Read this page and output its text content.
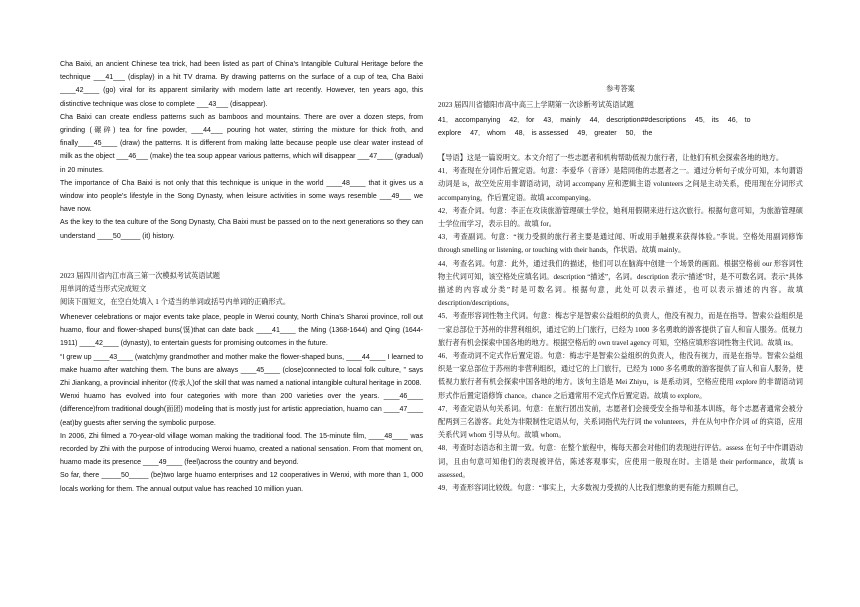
Cha Baixi, an ancient Chinese tea trick, had been listed as part of China’s Intangible Cultural Heritage before the technique ___41___ (display) in a hit TV drama. By drawing patterns on the surface of a cup of tea, Cha Baixi ____42____ (go) viral for its apparent similarity with modern latte art recently. However, ten years ago, this distinctive technique was close to complete ___43___ (disappear).

Cha Baixi can create endless patterns such as bamboos and mountains. There are over a dozen steps, from grinding (碾碎) tea for fine powder, ___44___ pouring hot water, stirring the mixture for thick froth, and finally____45____ (draw) the patterns. It is different from making latte because people use clear water instead of milk as the object ___46___ (make) the tea soup appear various patterns, which will disappear ___47____ (gradual) in 20 minutes.

The importance of Cha Baixi is not only that this technique is unique in the world ____48____ that it gives us a window into people’s lifestyle in the Song Dynasty, when leisure activities in some ways resemble ___49___ we have now.

As the key to the tea culture of the Song Dynasty, Cha Baixi must be passed on to the next generations so they can understand ____50_____ (it) history.

2023 届四川省内江市高三第一次模拟考试英语试题

用单词的适当形式完成短文

阅读下面短文，在空白处填入 1 个适当的单词或括号内单词的正确形式。

Whenever celebrations or major events take place, people in Wenxi county, North China’s Shanxi province, roll out huamo, flour and flower-shaped buns(馍)that can date back ____41____ the Ming (1368-1644) and Qing (1644-1911) ____42____ (dynasty), to entertain guests for promising outcomes in the future.

“I grew up ____43____ (watch)my grandmother and mother make the flower-shaped buns, ____44____ I learned to make huamo after watching them. The buns are always ____45____ (close)connected to local folk culture, ” says Zhi Jiankang, a provincial inheritor (传承人)of the skill that was named a national intangible cultural heritage in 2008.

Wenxi huamo has evolved into four categories with more than 200 varieties over the years. ____46____ (difference)from traditional dough(面团) modeling that is mostly just for artistic appreciation, huamo can ____47____ (eat)by guests after serving the symbolic purpose.

In 2006, Zhi filmed a 70-year-old village woman making the traditional food. The 15-minute film, ____48____ was recorded by Zhi with the purpose of introducing Wenxi huamo, created a national sensation. From that moment on, huamo made its presence ____49____ (feel)across the country and beyond.

So far, there _____50_____ (be)two large huamo enterprises and 12 cooperatives in Wenxi, with more than 1, 000 locals working for them. The annual output value has reached 10 million yuan.

参考答案

2023 届四川省德阳市高中高三上学期第一次诊断考试英语试题

41． accompanying　 42． for　 43． mainly　 44． description##descriptions　 45． its　 46． to

explore　 47． whom　 48． is assessed　 49． greater　 50． the

【导语】这是一篇说明文。本文介绍了一些志愿者和机构帮助低视力旅行者，让他们有机会探索各地的地方。

41．考查现在分词作后置定语。句意：李爱华（音译）是陪同他的志愿者之一。通过分析句子成分可知，本句谓语动词是 is，故空处应用非谓语动词，动词 accompany 应和逻辑主语 volunteers 之间是主动关系，使用现在分词形式 accompanying，作后置定语。故填 accompanying。

42．考查介词。句意：李正在攻读旅游管理硕士学位，她利用假期来进行这次旅行。根据句意可知，为旅游管理硕士学位而学习，表示目的。故填 for。

43．考查副词。句意：“视力受损的旅行者主要是通过闻、听或用手触摸来获得体验。”李说。空格处用副词修饰 through smelling or listening, or touching with their hands，作状语。故填 mainly。

44．考查名词。句意：此外，通过我们的描述，他们可以在脑海中创建一个场景的画面。根据空格前 our 形容词性物主代词可知，该空格处应填名词。description “描述”，名词。description 表示“描述”时，是不可数名词。表示“具体描述的内容或分类”时是可数名词。根据句意，此处可以表示描述，也可以表示描述的内容。故填 description/descriptions。

45．考查形容词性物主代词。句意：梅志宇是智索公益组织的负责人，他没有视力，而是在指导。智索公益组织是一家总部位于苏州的非营利组织，通过它的上门旅行，已经为 1000 多名勇敢的游客提供了盲人和盲人服务。低视力旅行者有机会探索中国各地的地方。根据空格后的 own travel agency 可知，空格应填形容词性物主代词。故填 its。

46．考查动词不定式作后置定语。句意：梅志宇是智索公益组织的负责人，他没有视力，而是在指导。智索公益组织是一家总部位于苏州的非营利组织，通过它的上门旅行，已经为 1000 多名勇敢的游客提供了盲人和盲人服务，使低视力旅行者有机会探索中国各地的地方。该句主语是 Mei Zhiyu，is 是系动词，空格应使用 explore 的非谓语动词形式作后置定语修饰 chance。chance 之后通常用不定式作后置定语。故填 to explore。

47．考查定语从句关系词。句意：在旅行团出发前，志愿者们会接受安全指导和基本训练，每个志愿者通常会被分配两到三名游客。此处为非限制性定语从句，关系词指代先行词 the volunteers，并在从句中作介词 of 的宾语，应用关系代词 whom 引导从句。故填 whom。

48．考查时态语态和主谓一致。句意：在整个旅程中，梅每天都会对他们的表现进行评估。assess 在句子中作谓语动词，且由句意可知他们的表现被评估，陈述客观事实，应使用一般现在时。主语是 their performance，故填 is assessed。

49．考查形容词比较级。句意：“事实上，大多数视力受损的人比我们想象的更有能力照顾自己，
